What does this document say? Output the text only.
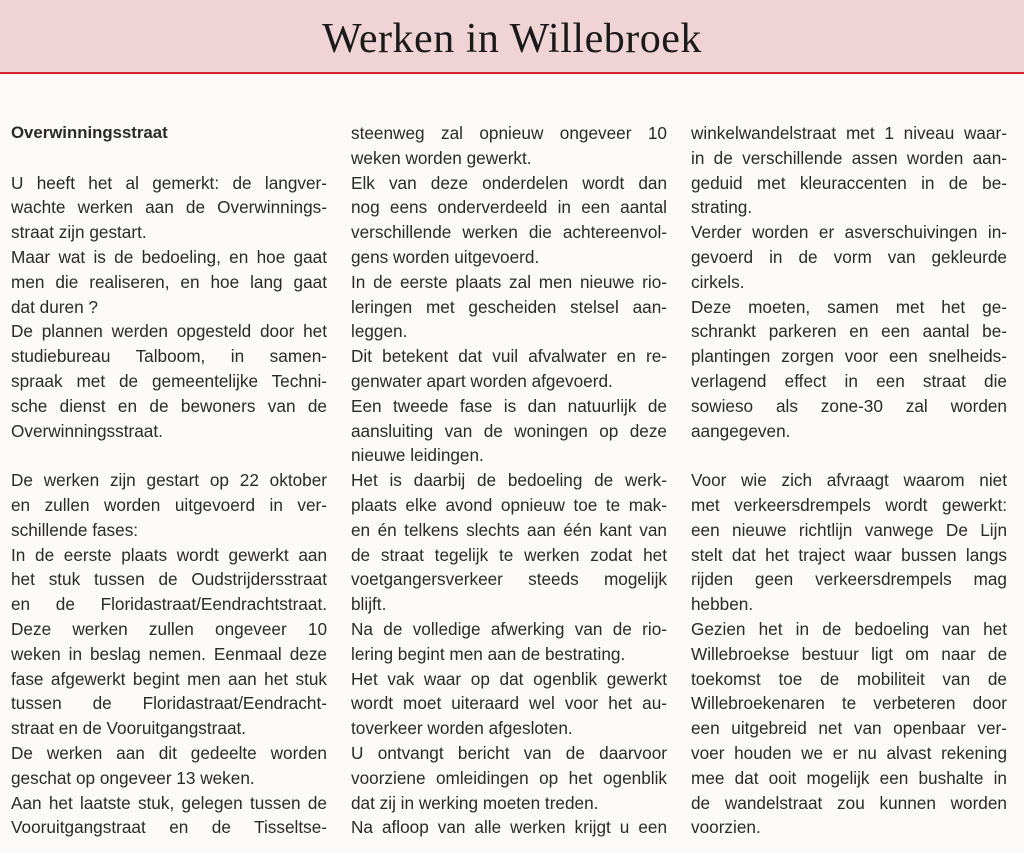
Werken in Willebroek
Overwinningsstraat
U heeft het al gemerkt: de langver-
wachte werken aan de Overwinnings-
straat zijn gestart.
Maar wat is de bedoeling, en hoe gaat
men die realiseren, en hoe lang gaat
dat duren ?
De plannen werden opgesteld door het
studiebureau Talboom, in samen-
spraak met de gemeentelijke Techni-
sche dienst en de bewoners van de
Overwinningsstraat.
De werken zijn gestart op 22 oktober
en zullen worden uitgevoerd in ver-
schillende fases:
In de eerste plaats wordt gewerkt aan
het stuk tussen de Oudstrijdersstraat
en de Floridastraat/Eendrachtstraat.
Deze werken zullen ongeveer 10
weken in beslag nemen. Eenmaal deze
fase afgewerkt begint men aan het stuk
tussen de Floridastraat/Eendracht-
straat en de Vooruitgangstraat.
De werken aan dit gedeelte worden
geschat op ongeveer 13 weken.
Aan het laatste stuk, gelegen tussen de
Vooruitgangstraat en de Tisseltse-
steenweg zal opnieuw ongeveer 10
weken worden gewerkt.
Elk van deze onderdelen wordt dan
nog eens onderverdeeld in een aantal
verschillende werken die achtereenvol-
gens worden uitgevoerd.
In de eerste plaats zal men nieuwe rio-
leringen met gescheiden stelsel aan-
leggen.
Dit betekent dat vuil afvalwater en re-
genwater apart worden afgevoerd.
Een tweede fase is dan natuurlijk de
aansluiting van de woningen op deze
nieuwe leidingen.
Het is daarbij de bedoeling de werk-
plaats elke avond opnieuw toe te mak-
en én telkens slechts aan één kant van
de straat tegelijk te werken zodat het
voetgangersverkeer steeds mogelijk
blijft.
Na de volledige afwerking van de rio-
lering begint men aan de bestrating.
Het vak waar op dat ogenblik gewerkt
wordt moet uiteraard wel voor het au-
toverkeer worden afgesloten.
U ontvangt bericht van de daarvoor
voorziene omleidingen op het ogenblik
dat zij in werking moeten treden.
Na afloop van alle werken krijgt u een
winkelwandelstraat met 1 niveau waar-
in de verschillende assen worden aan-
geduid met kleuraccenten in de be-
strating.
Verder worden er asverschuivingen in-
gevoerd in de vorm van gekleurde
cirkels.
Deze moeten, samen met het ge-
schrankt parkeren en een aantal be-
plantingen zorgen voor een snelheids-
verlagend effect in een straat die
sowieso als zone-30 zal worden
aangegeven.
Voor wie zich afvraagt waarom niet
met verkeersdrempels wordt gewerkt:
een nieuwe richtlijn vanwege De Lijn
stelt dat het traject waar bussen langs
rijden geen verkeersdrempels mag
hebben.
Gezien het in de bedoeling van het
Willebroekse bestuur ligt om naar de
toekomst toe de mobiliteit van de
Willebroekenaren te verbeteren door
een uitgebreid net van openbaar ver-
voer houden we er nu alvast rekening
mee dat ooit mogelijk een bushalte in
de wandelstraat zou kunnen worden
voorzien.
